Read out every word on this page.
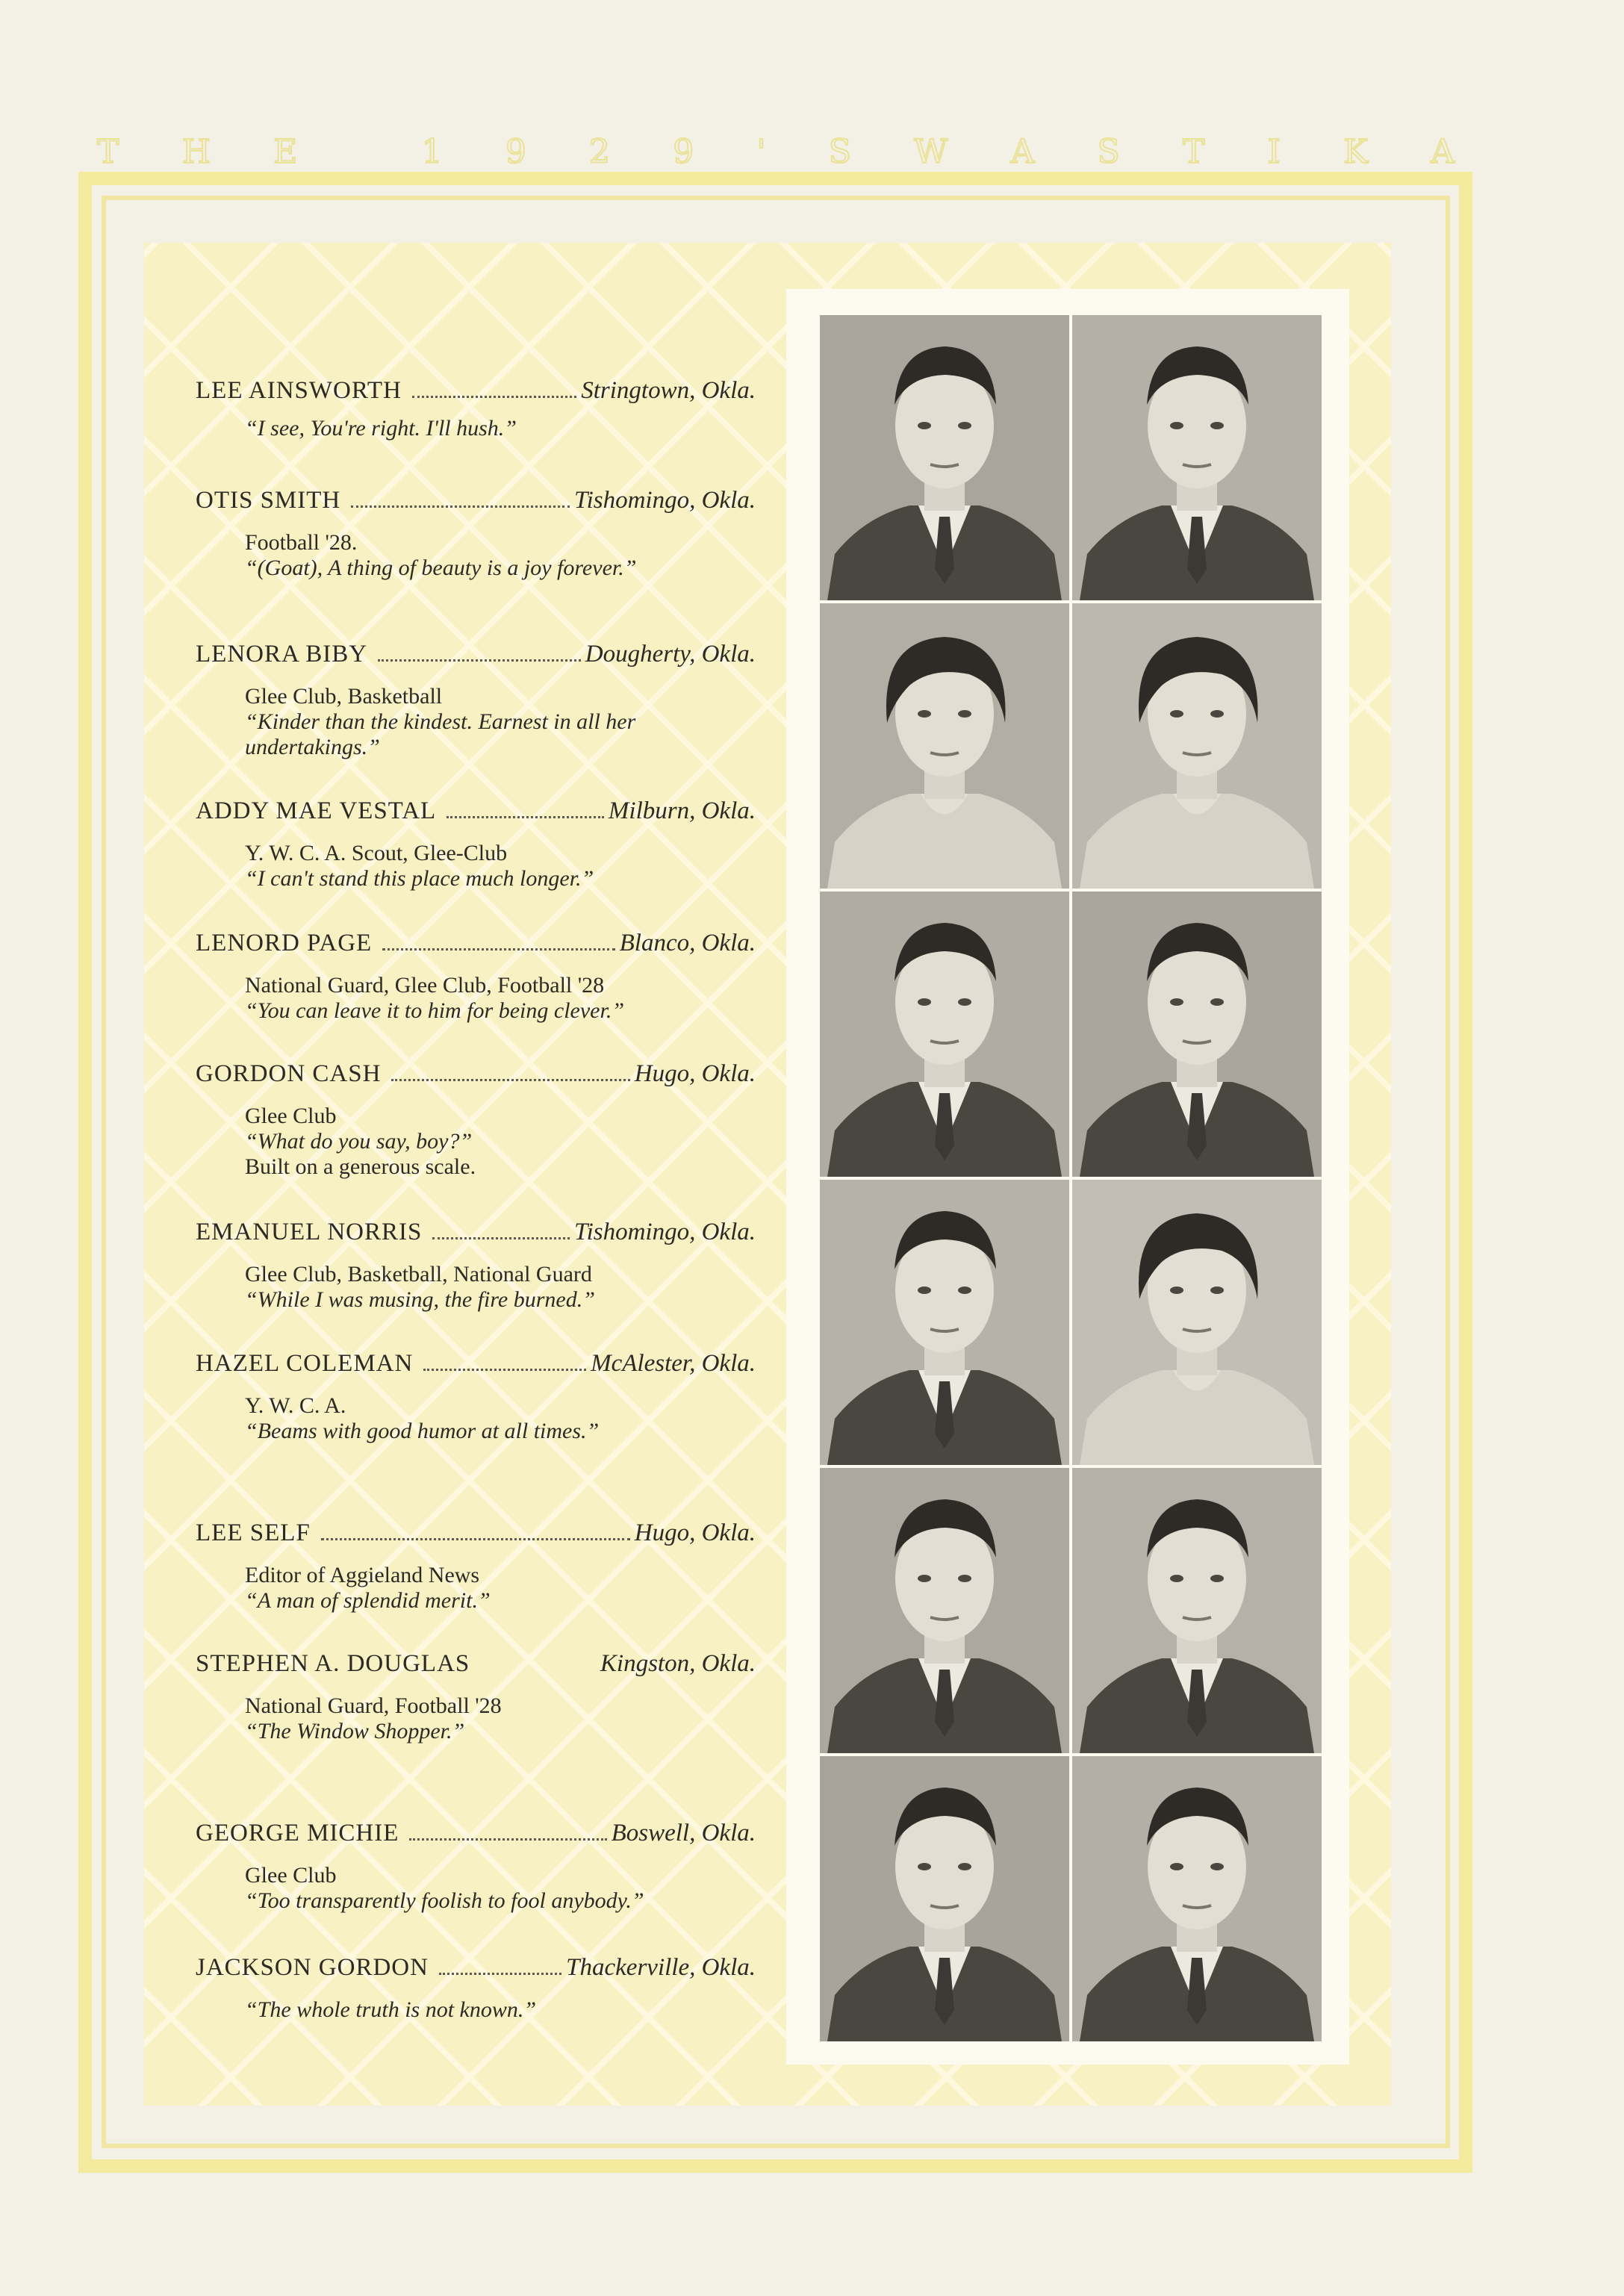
T H E	1 9 2 9 ' S W A S T I K A
LEE AINSWORTH	Stringtown, Okla.
“I see, You're right. I'll hush.”
OTIS SMITH	Tishomingo, Okla.
Football '28.
“(Goat), A thing of beauty is a joy forever.”
LENORA BIBY	Dougherty, Okla.
Glee Club, Basketball
“Kinder than the kindest. Earnest in all her undertakings.”
ADDY MAE VESTAL	Milburn, Okla.
Y. W. C. A. Scout, Glee-Club
“I can't stand this place much longer.”
LENORD PAGE	Blanco, Okla.
National Guard, Glee Club, Football '28
“You can leave it to him for being clever.”
GORDON CASH	Hugo, Okla.
Glee Club
“What do you say, boy?”
Built on a generous scale.
EMANUEL NORRIS	Tishomingo, Okla.
Glee Club, Basketball, National Guard
“While I was musing, the fire burned.”
HAZEL COLEMAN	McAlester, Okla.
Y. W. C. A.
“Beams with good humor at all times.”
LEE SELF	Hugo, Okla.
Editor of Aggieland News
“A man of splendid merit.”
STEPHEN A. DOUGLAS	Kingston, Okla.
National Guard, Football '28
“The Window Shopper.”
GEORGE MICHIE	Boswell, Okla.
Glee Club
“Too transparently foolish to fool anybody.”
JACKSON GORDON	Thackerville, Okla.
“The whole truth is not known.”
